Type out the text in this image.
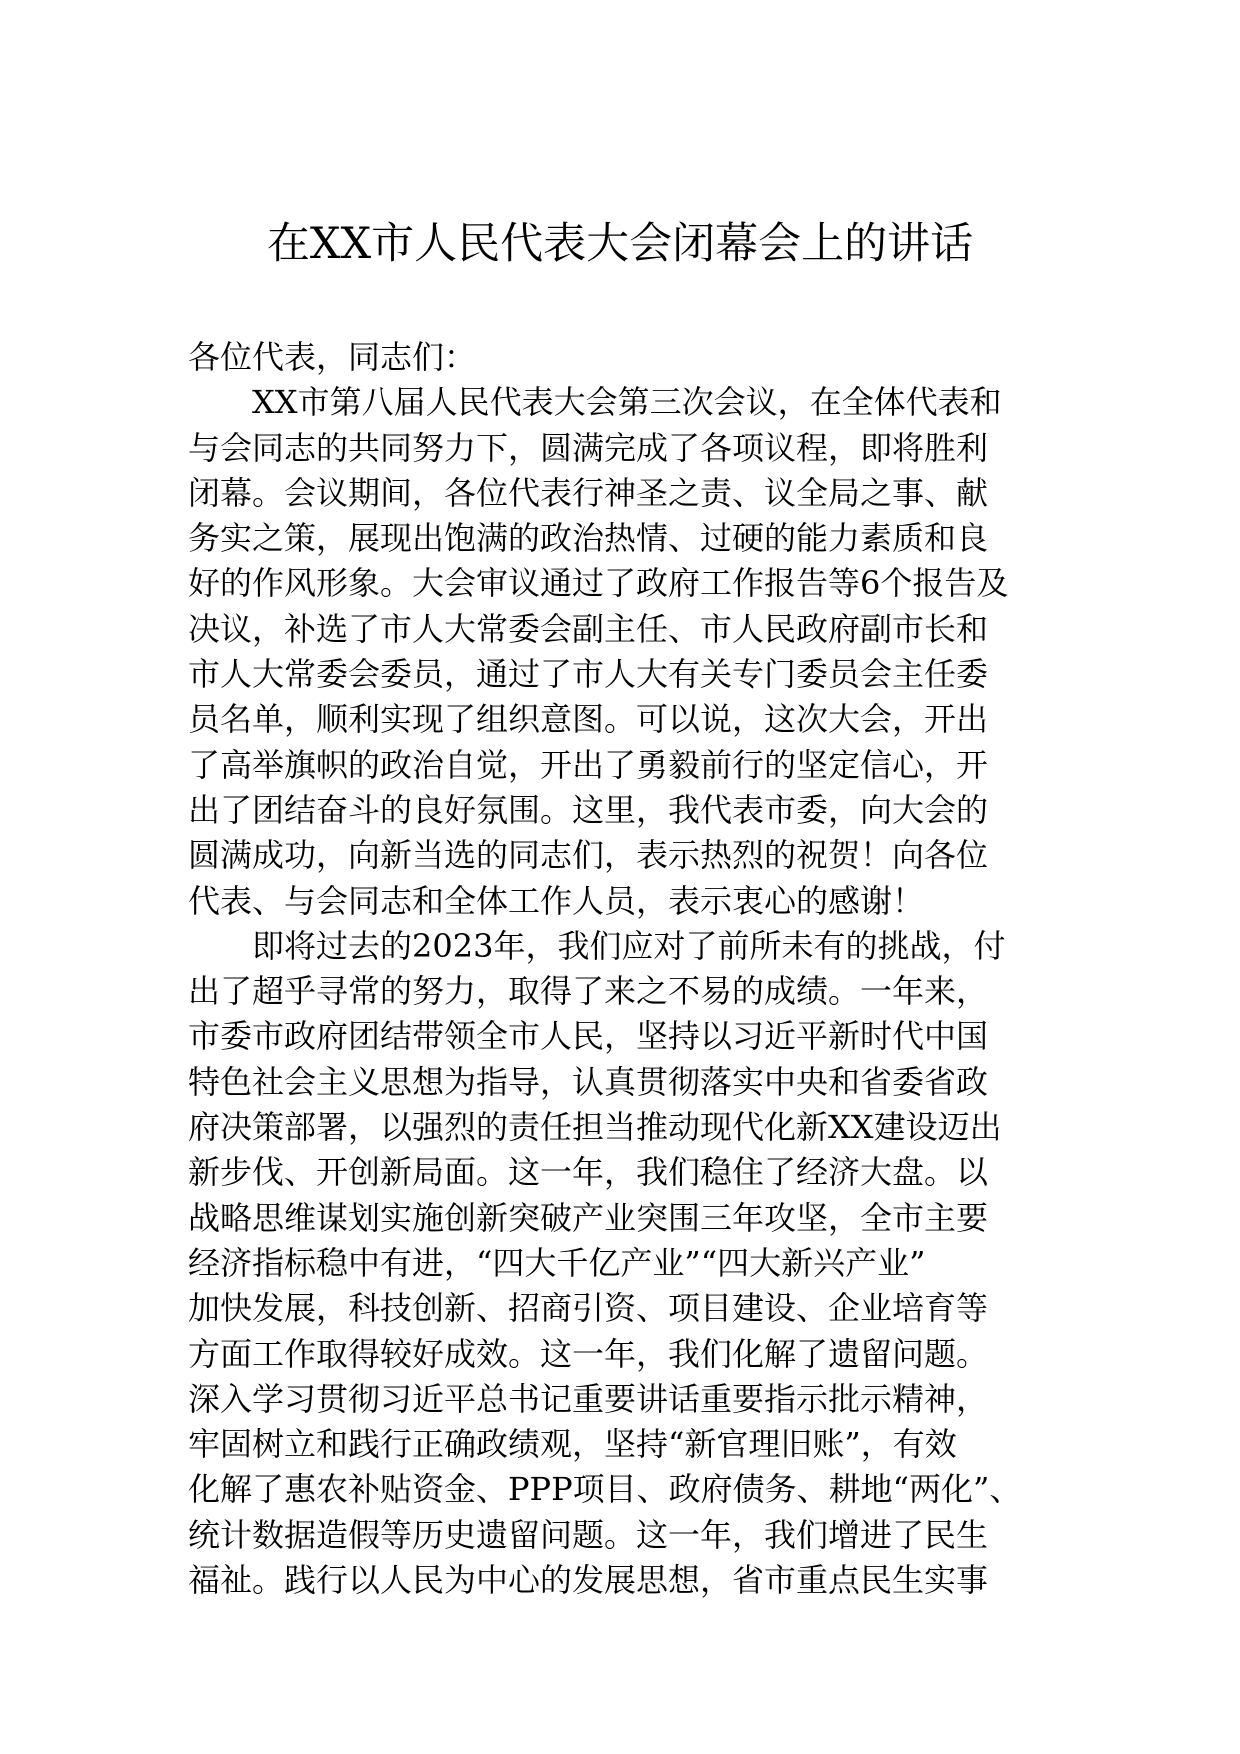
在XX市人民代表大会闭幕会上的讲话
各位代表，同志们：
XX市第八届人民代表大会第三次会议，在全体代表和
与会同志的共同努力下，圆满完成了各项议程，即将胜利
闭幕。会议期间，各位代表行神圣之责、议全局之事、献
务实之策，展现出饱满的政治热情、过硬的能力素质和良
好的作风形象。大会审议通过了政府工作报告等6个报告及
决议，补选了市人大常委会副主任、市人民政府副市长和
市人大常委会委员，通过了市人大有关专门委员会主任委
员名单，顺利实现了组织意图。可以说，这次大会，开出
了高举旗帜的政治自觉，开出了勇毅前行的坚定信心，开
出了团结奋斗的良好氛围。这里，我代表市委，向大会的
圆满成功，向新当选的同志们，表示热烈的祝贺！向各位
代表、与会同志和全体工作人员，表示衷心的感谢！
即将过去的2023年，我们应对了前所未有的挑战，付
出了超乎寻常的努力，取得了来之不易的成绩。一年来，
市委市政府团结带领全市人民，坚持以习近平新时代中国
特色社会主义思想为指导，认真贯彻落实中央和省委省政
府决策部署，以强烈的责任担当推动现代化新XX建设迈出
新步伐、开创新局面。这一年，我们稳住了经济大盘。以
战略思维谋划实施创新突破产业突围三年攻坚，全市主要
经济指标稳中有进，“四大千亿产业”“四大新兴产业”
加快发展，科技创新、招商引资、项目建设、企业培育等
方面工作取得较好成效。这一年，我们化解了遗留问题。
深入学习贯彻习近平总书记重要讲话重要指示批示精神，
牢固树立和践行正确政绩观，坚持“新官理旧账”，有效
化解了惠农补贴资金、PPP项目、政府债务、耕地“两化”、
统计数据造假等历史遗留问题。这一年，我们增进了民生
福祉。践行以人民为中心的发展思想，省市重点民生实事
